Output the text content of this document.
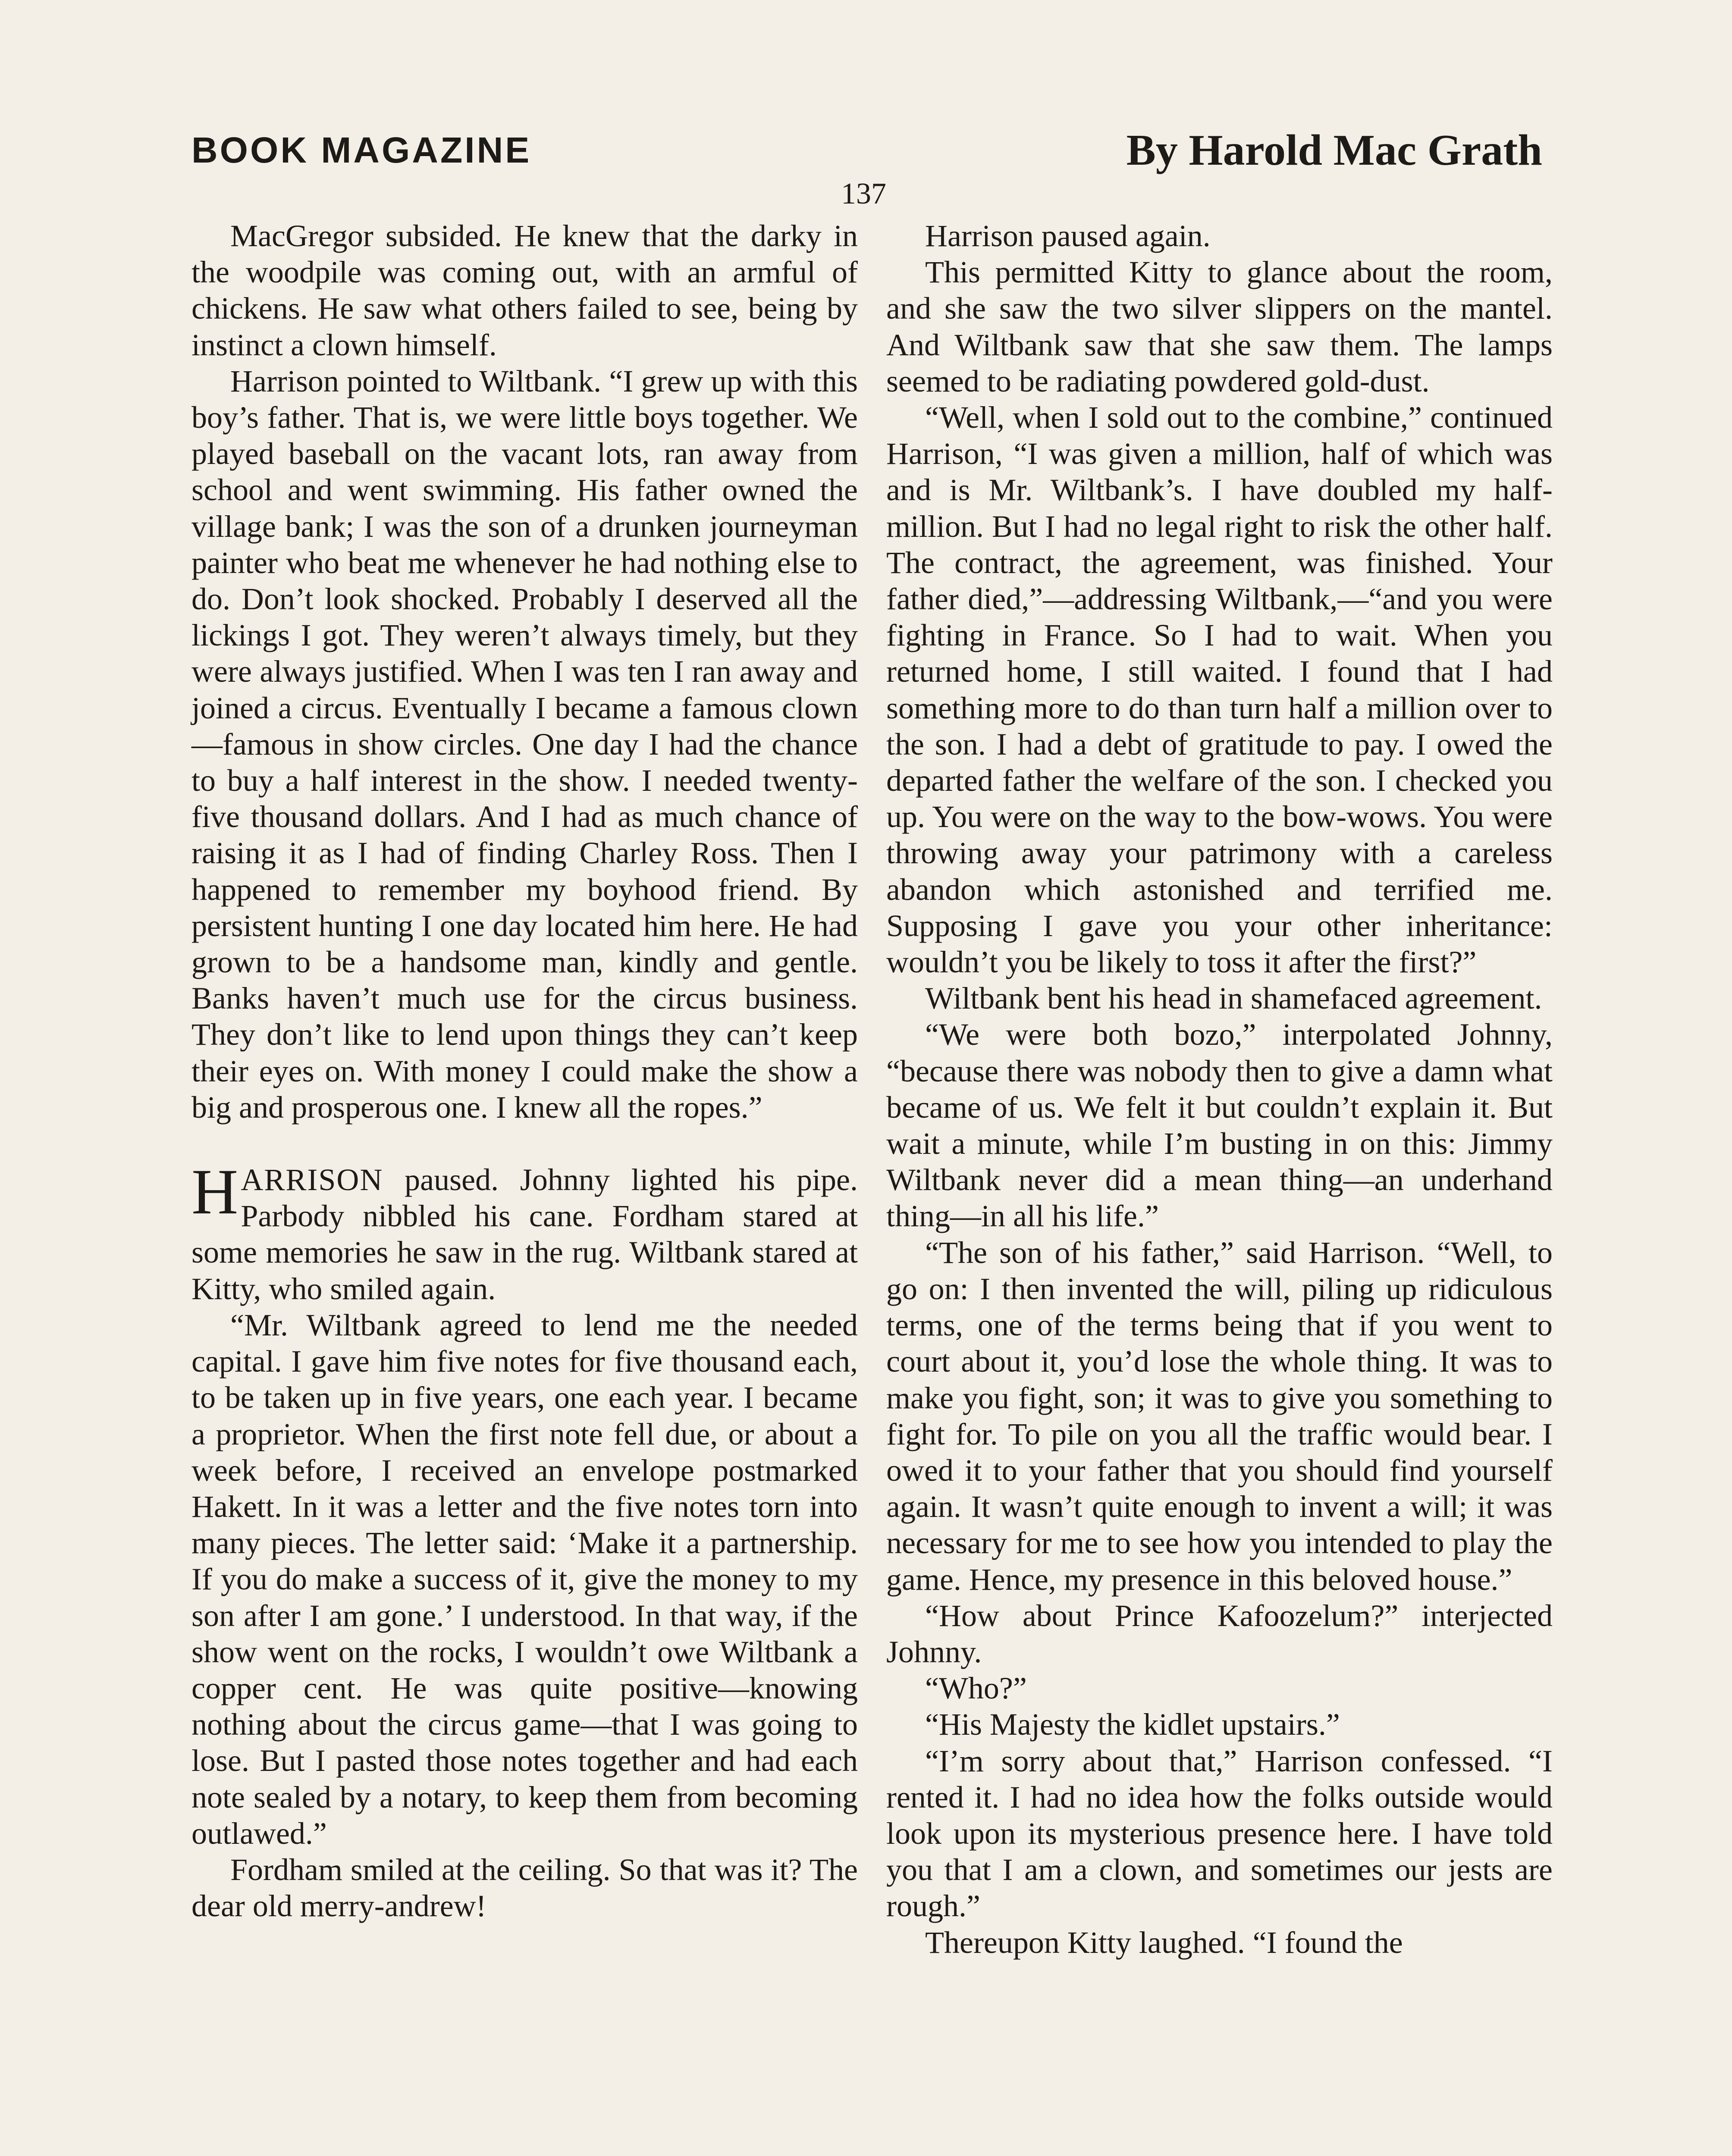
BOOK MAGAZINE	By Harold Mac Grath
137

MacGregor subsided. He knew that the darky in the woodpile was coming out, with an armful of chickens. He saw what others failed to see, being by instinct a clown himself.

Harrison pointed to Wiltbank. “I grew up with this boy’s father. That is, we were little boys together. We played baseball on the vacant lots, ran away from school and went swimming. His father owned the village bank; I was the son of a drunken journeyman painter who beat me whenever he had nothing else to do. Don’t look shocked. Probably I deserved all the lickings I got. They weren’t always timely, but they were always justified. When I was ten I ran away and joined a circus. Eventually I became a famous clown—famous in show circles. One day I had the chance to buy a half interest in the show. I needed twenty-five thousand dollars. And I had as much chance of raising it as I had of finding Charley Ross. Then I happened to remember my boyhood friend. By persistent hunting I one day located him here. He had grown to be a handsome man, kindly and gentle. Banks haven’t much use for the circus business. They don’t like to lend upon things they can’t keep their eyes on. With money I could make the show a big and prosperous one. I knew all the ropes.”

HARRISON paused. Johnny lighted his pipe. Parbody nibbled his cane. Fordham stared at some memories he saw in the rug. Wiltbank stared at Kitty, who smiled again.

“Mr. Wiltbank agreed to lend me the needed capital. I gave him five notes for five thousand each, to be taken up in five years, one each year. I became a proprietor. When the first note fell due, or about a week before, I received an envelope postmarked Hakett. In it was a letter and the five notes torn into many pieces. The letter said: ‘Make it a partnership. If you do make a success of it, give the money to my son after I am gone.’ I understood. In that way, if the show went on the rocks, I wouldn’t owe Wiltbank a copper cent. He was quite positive—knowing nothing about the circus game—that I was going to lose. But I pasted those notes together and had each note sealed by a notary, to keep them from becoming outlawed.”

Fordham smiled at the ceiling. So that was it? The dear old merry-andrew!

Harrison paused again.

This permitted Kitty to glance about the room, and she saw the two silver slippers on the mantel. And Wiltbank saw that she saw them. The lamps seemed to be radiating powdered gold-dust.

“Well, when I sold out to the combine,” continued Harrison, “I was given a million, half of which was and is Mr. Wiltbank’s. I have doubled my half-million. But I had no legal right to risk the other half. The contract, the agreement, was finished. Your father died,”—addressing Wiltbank,—“and you were fighting in France. So I had to wait. When you returned home, I still waited. I found that I had something more to do than turn half a million over to the son. I had a debt of gratitude to pay. I owed the departed father the welfare of the son. I checked you up. You were on the way to the bow-wows. You were throwing away your patrimony with a careless abandon which astonished and terrified me. Supposing I gave you your other inheritance: wouldn’t you be likely to toss it after the first?”

Wiltbank bent his head in shamefaced agreement.

“We were both bozo,” interpolated Johnny, “because there was nobody then to give a damn what became of us. We felt it but couldn’t explain it. But wait a minute, while I’m busting in on this: Jimmy Wiltbank never did a mean thing—an underhand thing—in all his life.”

“The son of his father,” said Harrison. “Well, to go on: I then invented the will, piling up ridiculous terms, one of the terms being that if you went to court about it, you’d lose the whole thing. It was to make you fight, son; it was to give you something to fight for. To pile on you all the traffic would bear. I owed it to your father that you should find yourself again. It wasn’t quite enough to invent a will; it was necessary for me to see how you intended to play the game. Hence, my presence in this beloved house.”

“How about Prince Kafoozelum?” interjected Johnny.

“Who?”

“His Majesty the kidlet upstairs.”

“I’m sorry about that,” Harrison confessed. “I rented it. I had no idea how the folks outside would look upon its mysterious presence here. I have told you that I am a clown, and sometimes our jests are rough.”

Thereupon Kitty laughed. “I found the
